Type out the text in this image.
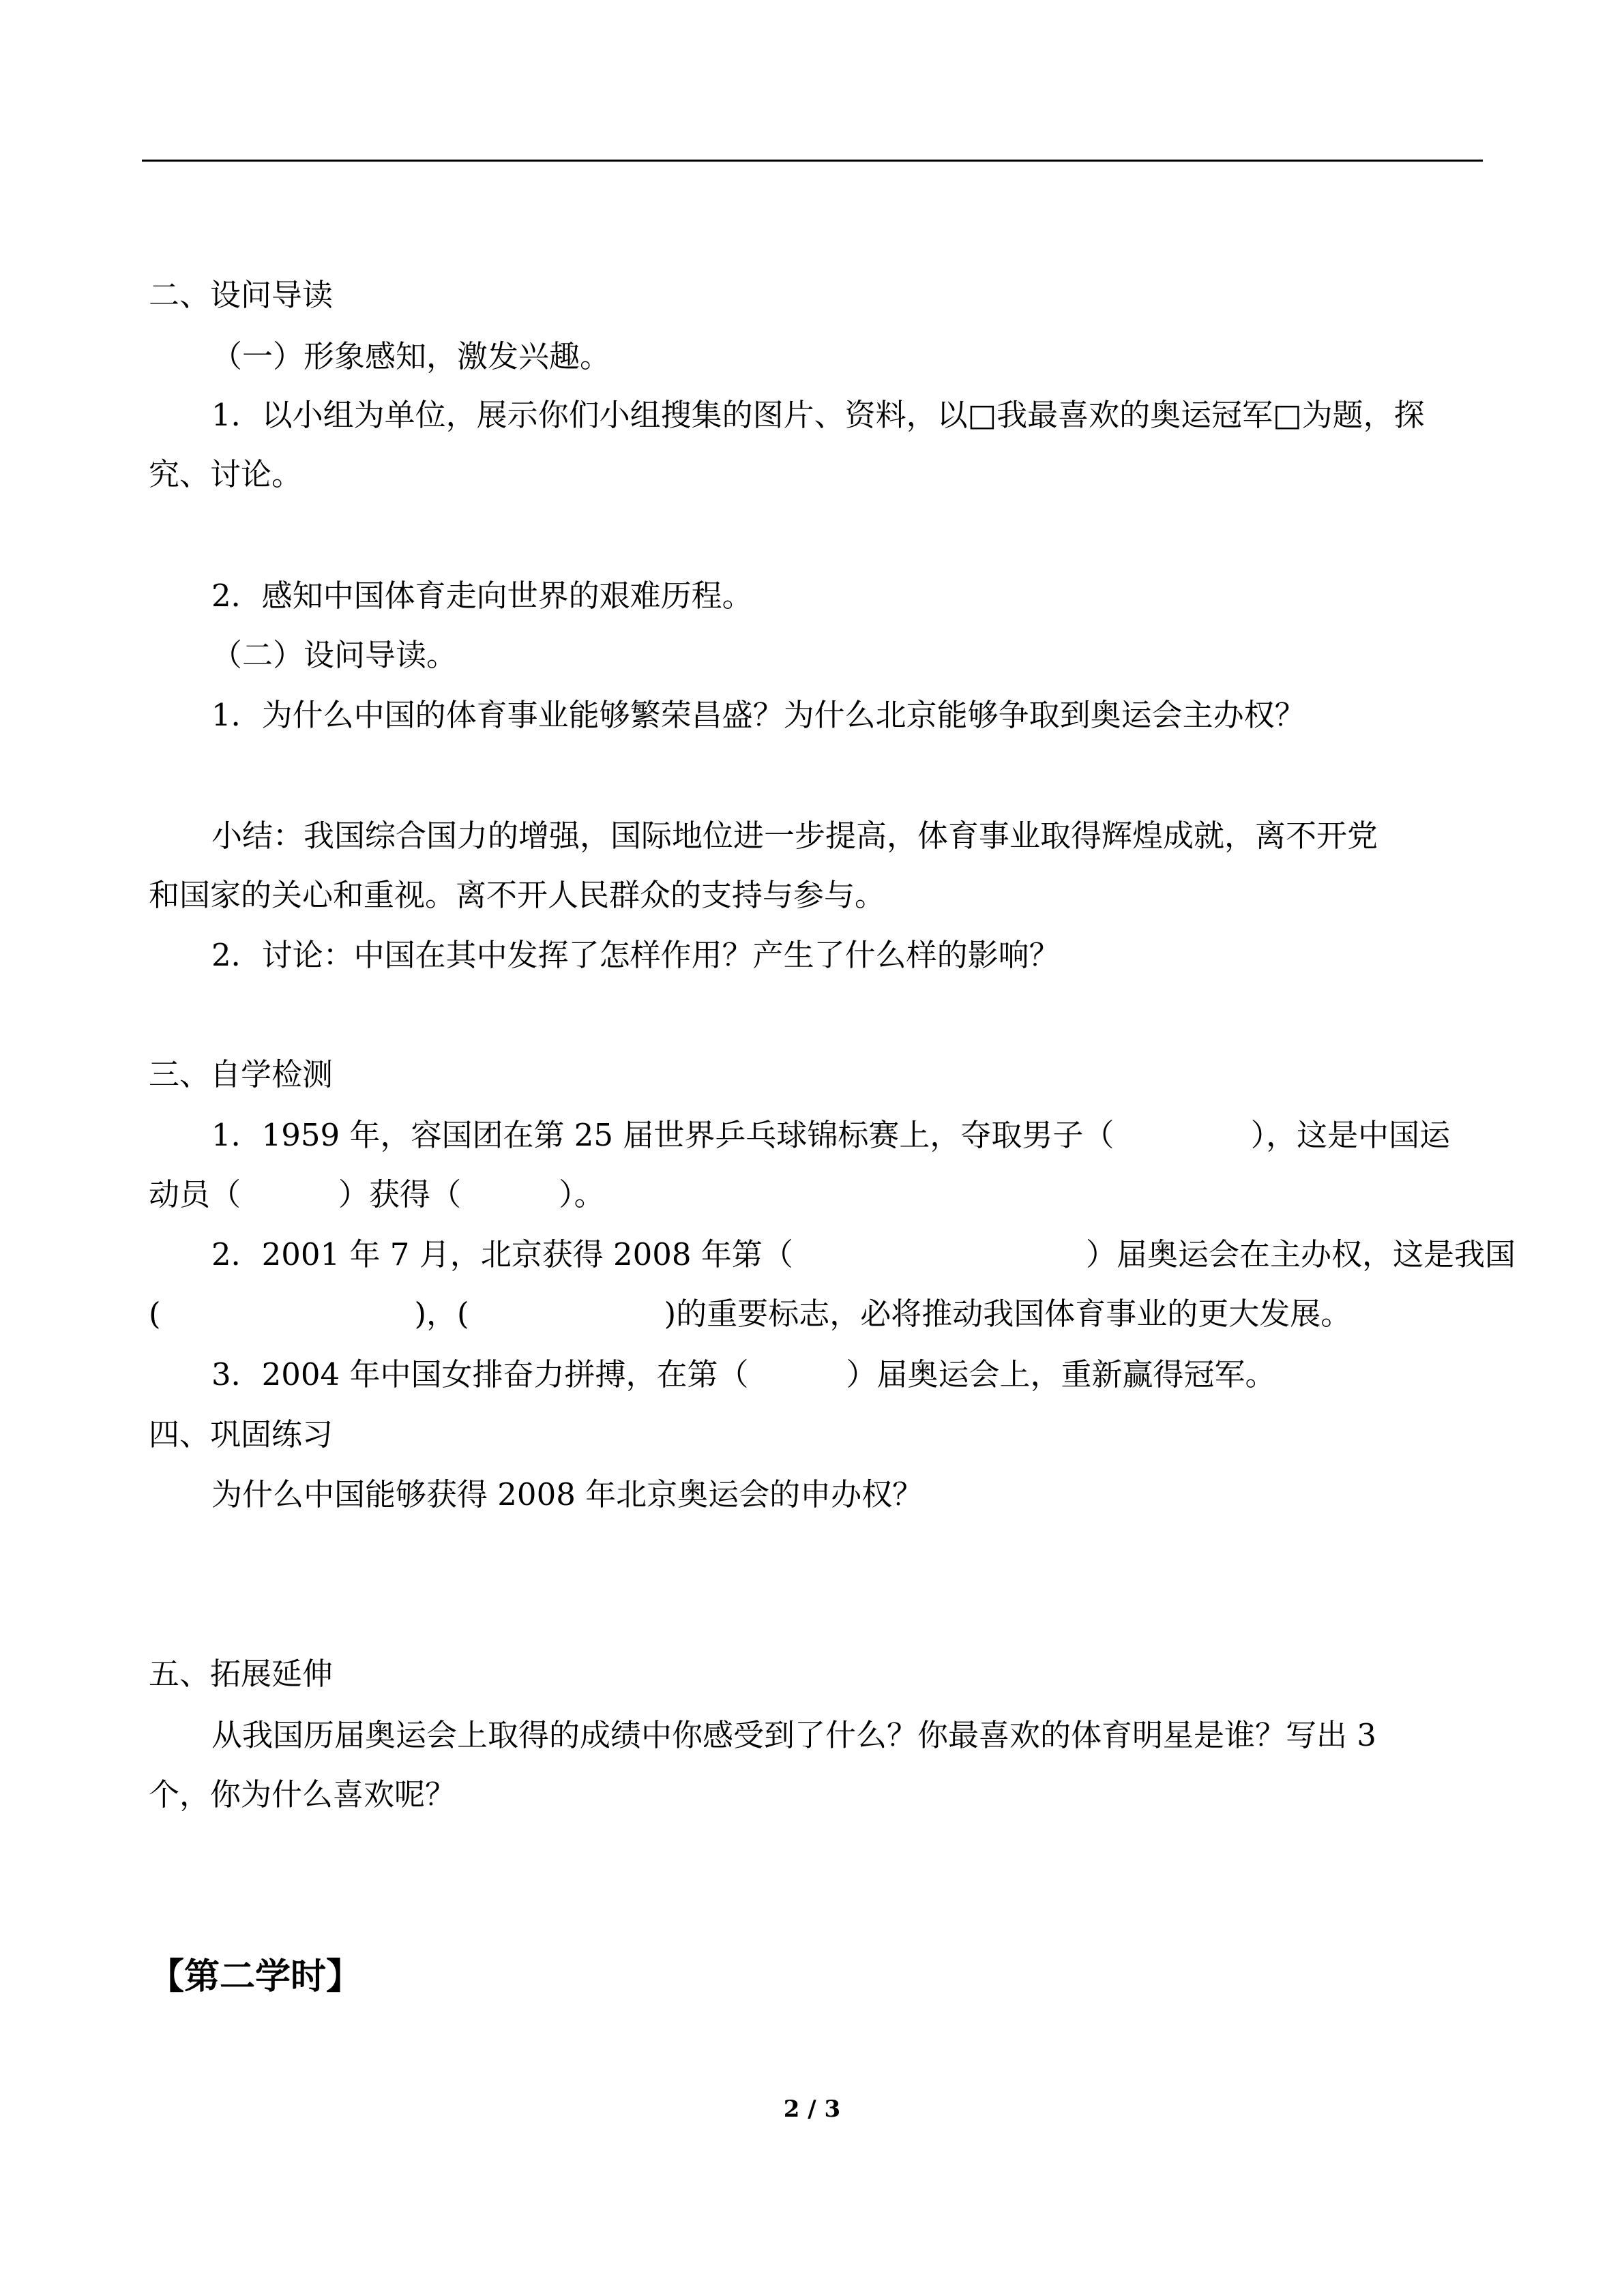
二、设问导读
（一）形象感知，激发兴趣。
1．以小组为单位，展示你们小组搜集的图片、资料，以□我最喜欢的奥运冠军□为题，探
究、讨论。
2．感知中国体育走向世界的艰难历程。
（二）设问导读。
1．为什么中国的体育事业能够繁荣昌盛？为什么北京能够争取到奥运会主办权？
小结：我国综合国力的增强，国际地位进一步提高，体育事业取得辉煌成就，离不开党
和国家的关心和重视。离不开人民群众的支持与参与。
2．讨论：中国在其中发挥了怎样作用？产生了什么样的影响？
三、自学检测
1．1959 年，容国团在第 25 届世界乒乓球锦标赛上，夺取男子（              ），这是中国运
动员（          ）获得（          ）。
2．2001 年 7 月，北京获得 2008 年第（                              ）届奥运会在主办权，这是我国
(                          )，(                    )的重要标志，必将推动我国体育事业的更大发展。
3．2004 年中国女排奋力拼搏，在第（          ）届奥运会上，重新赢得冠军。
四、巩固练习
为什么中国能够获得 2008 年北京奥运会的申办权？
五、拓展延伸
从我国历届奥运会上取得的成绩中你感受到了什么？你最喜欢的体育明星是谁？写出 3
个，你为什么喜欢呢？
【第二学时】
2 / 3
